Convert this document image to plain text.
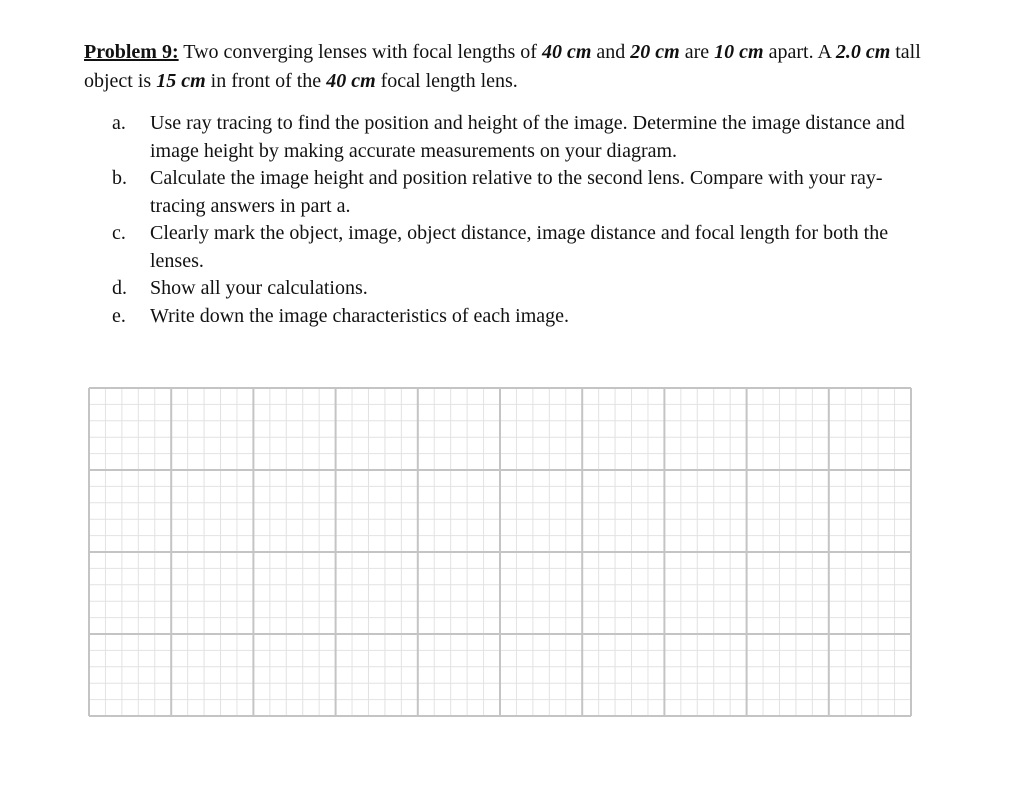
Problem 9: Two converging lenses with focal lengths of 40 cm and 20 cm are 10 cm apart. A 2.0 cm tall object is 15 cm in front of the 40 cm focal length lens.
a.	Use ray tracing to find the position and height of the image. Determine the image distance and image height by making accurate measurements on your diagram.
b.	Calculate the image height and position relative to the second lens. Compare with your ray-tracing answers in part a.
c.	Clearly mark the object, image, object distance, image distance and focal length for both the lenses.
d.	Show all your calculations.
e.	Write down the image characteristics of each image.
